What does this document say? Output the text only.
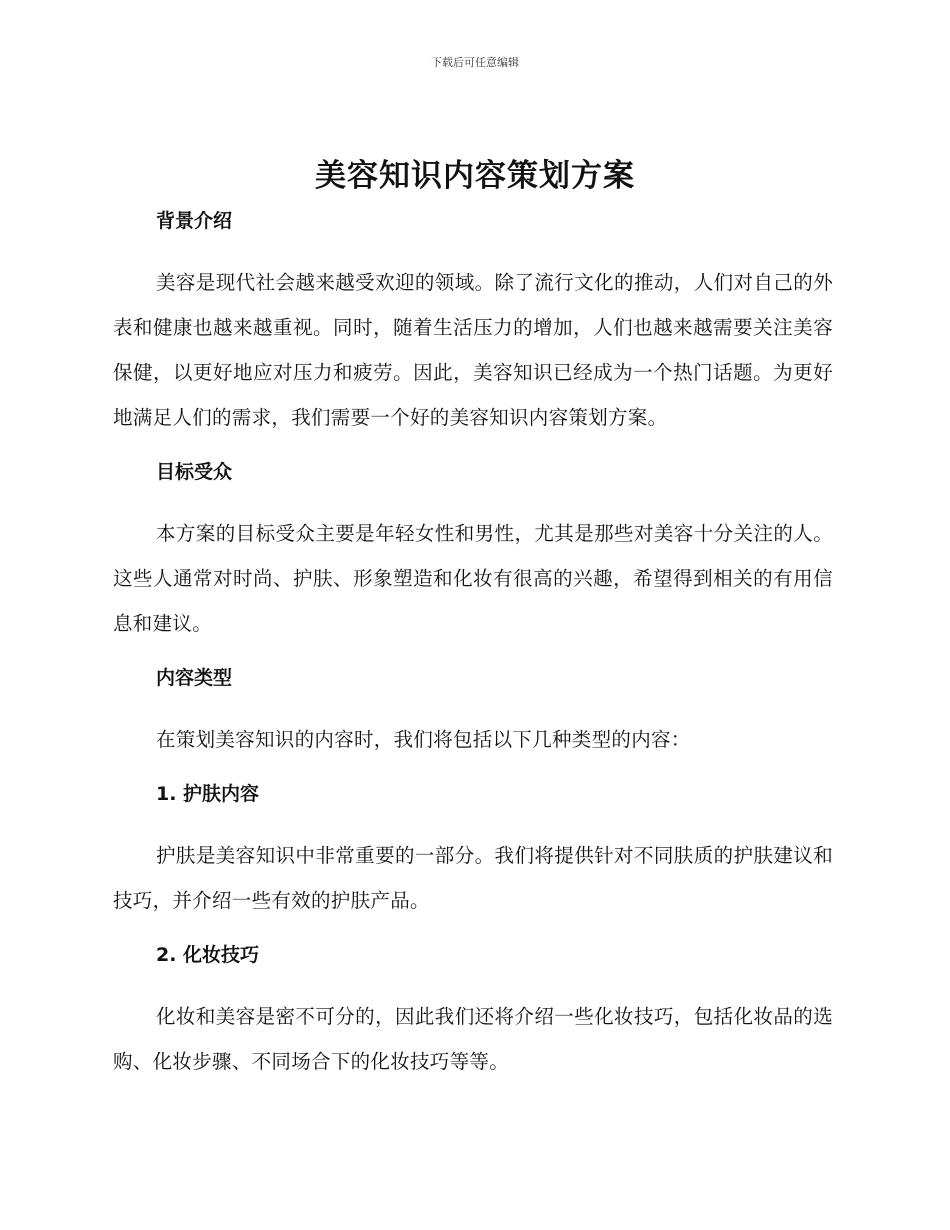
下载后可任意编辑
美容知识内容策划方案
背景介绍

美容是现代社会越来越受欢迎的领域。除了流行文化的推动，人们对自己的外表和健康也越来越重视。同时，随着生活压力的增加，人们也越来越需要关注美容保健，以更好地应对压力和疲劳。因此，美容知识已经成为一个热门话题。为更好地满足人们的需求，我们需要一个好的美容知识内容策划方案。

目标受众

本方案的目标受众主要是年轻女性和男性，尤其是那些对美容十分关注的人。这些人通常对时尚、护肤、形象塑造和化妆有很高的兴趣，希望得到相关的有用信息和建议。

内容类型

在策划美容知识的内容时，我们将包括以下几种类型的内容：

1. 护肤内容

护肤是美容知识中非常重要的一部分。我们将提供针对不同肤质的护肤建议和技巧，并介绍一些有效的护肤产品。

2. 化妆技巧

化妆和美容是密不可分的，因此我们还将介绍一些化妆技巧，包括化妆品的选购、化妆步骤、不同场合下的化妆技巧等等。
